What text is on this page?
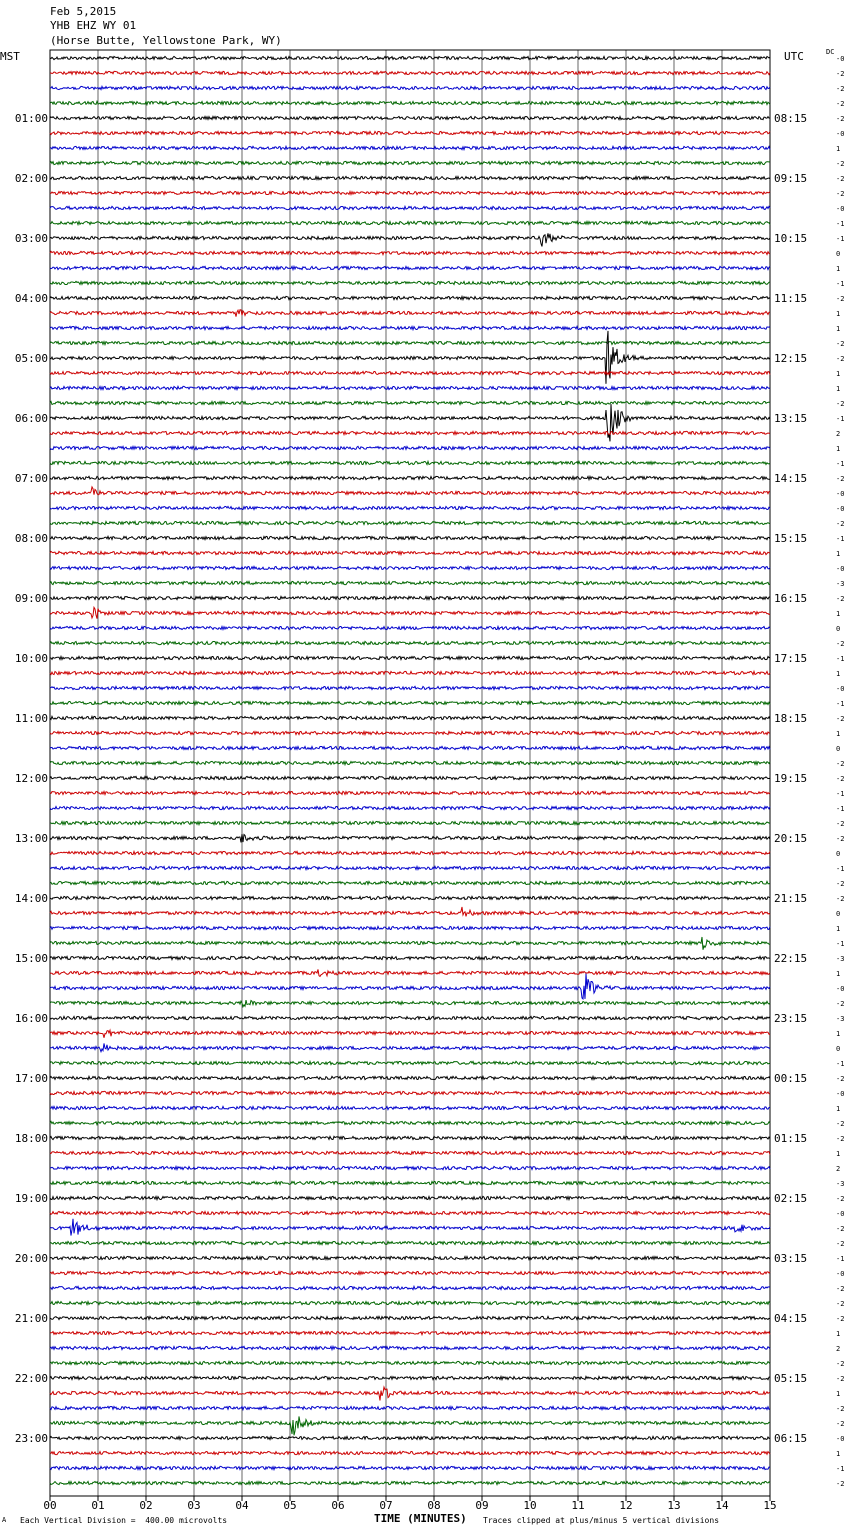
Feb 5,2015
YHB EHZ WY 01
(Horse Butte, Yellowstone Park, WY)
MST	UTC	DC
00	01	02	03	04	05	06	07	08	09	10	11	12	13	14	15
-0
-2
-2
-2
-2
-0
1
-2
-2
-2
-0
-1
-1
0
1
-1
-2
1
1
-2
-2
1
1
-2
-1
2
1
-1
-2
-0
-0
-2
-1
1
-0
-3
-2
1
0
-2
-1
1
-0
-1
-2
1
0
-2
-2
-1
-1
-2
-2
0
-1
-2
-2
0
1
-1
-3
1
-0
-2
-3
1
0
-1
-2
-0
1
-2
-2
1
2
-3
-2
-0
-2
-2
-1
-0
-2
-2
-2
1
2
-2
-2
1
-2
-2
-0
1
-1
-2
01:00
02:00
03:00
04:00
05:00
06:00
07:00
08:00
09:00
10:00
11:00
12:00
13:00
14:00
15:00
16:00
17:00
18:00
19:00
20:00
21:00
22:00
23:00
08:15
09:15
10:15
11:15
12:15
13:15
14:15
15:15
16:15
17:15
18:15
19:15
20:15
21:15
22:15
23:15
00:15
01:15
02:15
03:15
04:15
05:15
06:15
A Each Vertical Division =  400.00 microvolts	TIME (MINUTES) Traces clipped at plus/minus 5 vertical divisions
